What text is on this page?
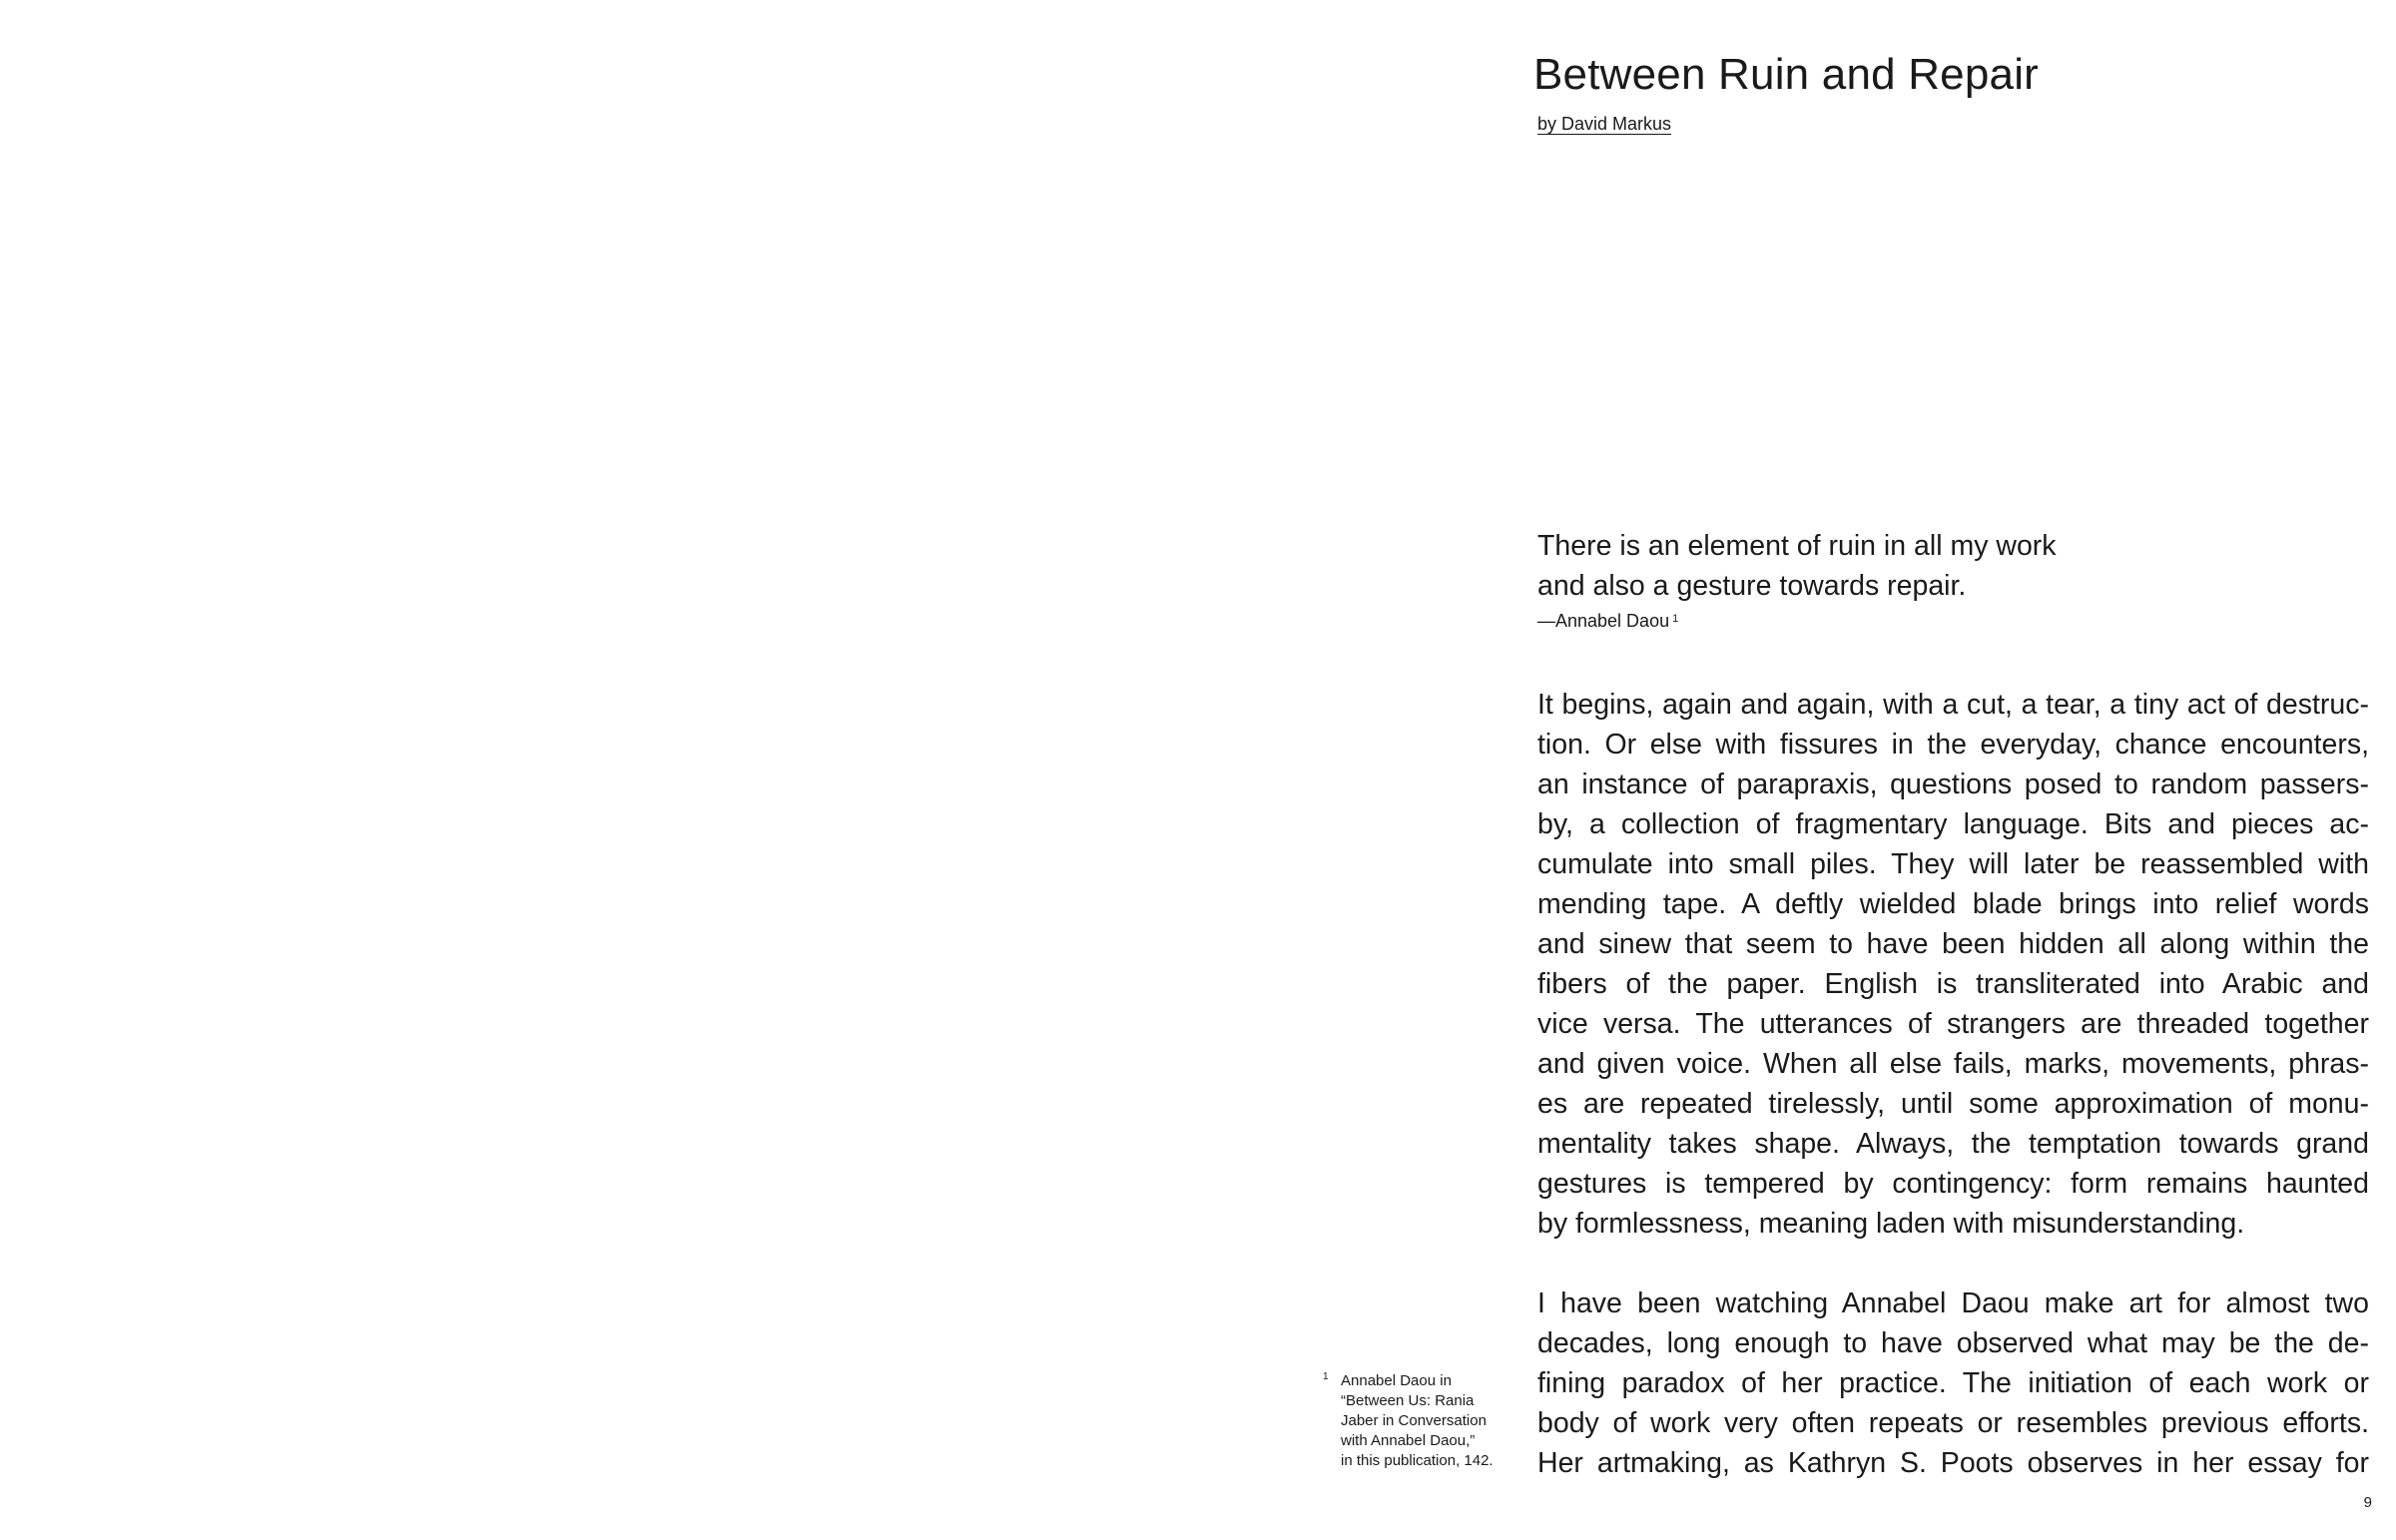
Between Ruin and Repair
by David Markus
There is an element of ruin in all my work
and also a gesture towards repair.
—Annabel Daou $^1$
It begins, again and again, with a cut, a tear, a tiny act of destruc-
tion. Or else with fissures in the everyday, chance encounters,
an instance of parapraxis, questions posed to random passers-
by, a collection of fragmentary language. Bits and pieces ac-
cumulate into small piles. They will later be reassembled with
mending tape. A deftly wielded blade brings into relief words
and sinew that seem to have been hidden all along within the
fibers of the paper. English is transliterated into Arabic and
vice versa. The utterances of strangers are threaded together
and given voice. When all else fails, marks, movements, phras-
es are repeated tirelessly, until some approximation of monu-
mentality takes shape. Always, the temptation towards grand
gestures is tempered by contingency: form remains haunted
by formlessness, meaning laden with misunderstanding.
I have been watching Annabel Daou make art for almost two
decades, long enough to have observed what may be the de-
fining paradox of her practice. The initiation of each work or
body of work very often repeats or resembles previous efforts.
Her artmaking, as Kathryn S. Poots observes in her essay for
1 Annabel Daou in
“Between Us: Rania
Jaber in Conversation
with Annabel Daou,”
in this publication, 142.
9
